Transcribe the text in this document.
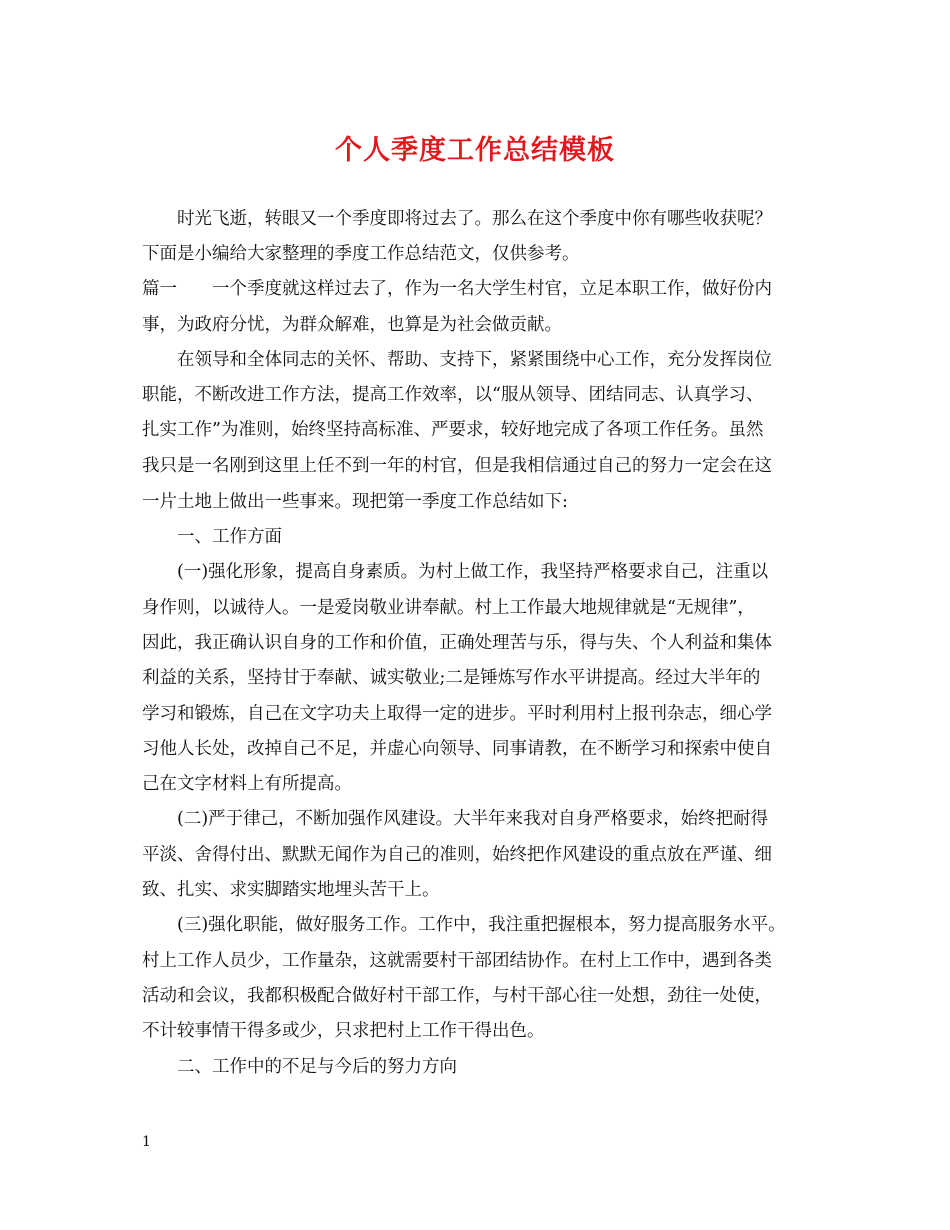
个人季度工作总结模板
时光飞逝，转眼又一个季度即将过去了。那么在这个季度中你有哪些收获呢？
下面是小编给大家整理的季度工作总结范文，仅供参考。
篇一　　一个季度就这样过去了，作为一名大学生村官，立足本职工作，做好份内
事，为政府分忧，为群众解难，也算是为社会做贡献。
在领导和全体同志的关怀、帮助、支持下，紧紧围绕中心工作，充分发挥岗位
职能，不断改进工作方法，提高工作效率，以“服从领导、团结同志、认真学习、
扎实工作”为准则，始终坚持高标准、严要求，较好地完成了各项工作任务。虽然
我只是一名刚到这里上任不到一年的村官，但是我相信通过自己的努力一定会在这
一片土地上做出一些事来。现把第一季度工作总结如下:
一、工作方面
(一)强化形象，提高自身素质。为村上做工作，我坚持严格要求自己，注重以
身作则，以诚待人。一是爱岗敬业讲奉献。村上工作最大地规律就是“无规律”，
因此，我正确认识自身的工作和价值，正确处理苦与乐，得与失、个人利益和集体
利益的关系，坚持甘于奉献、诚实敬业;二是锤炼写作水平讲提高。经过大半年的
学习和锻炼，自己在文字功夫上取得一定的进步。平时利用村上报刊杂志，细心学
习他人长处，改掉自己不足，并虚心向领导、同事请教，在不断学习和探索中使自
己在文字材料上有所提高。
(二)严于律己，不断加强作风建设。大半年来我对自身严格要求，始终把耐得
平淡、舍得付出、默默无闻作为自己的准则，始终把作风建设的重点放在严谨、细
致、扎实、求实脚踏实地埋头苦干上。
(三)强化职能，做好服务工作。工作中，我注重把握根本，努力提高服务水平。
村上工作人员少，工作量杂，这就需要村干部团结协作。在村上工作中，遇到各类
活动和会议，我都积极配合做好村干部工作，与村干部心往一处想，劲往一处使，
不计较事情干得多或少，只求把村上工作干得出色。
二、工作中的不足与今后的努力方向
1
